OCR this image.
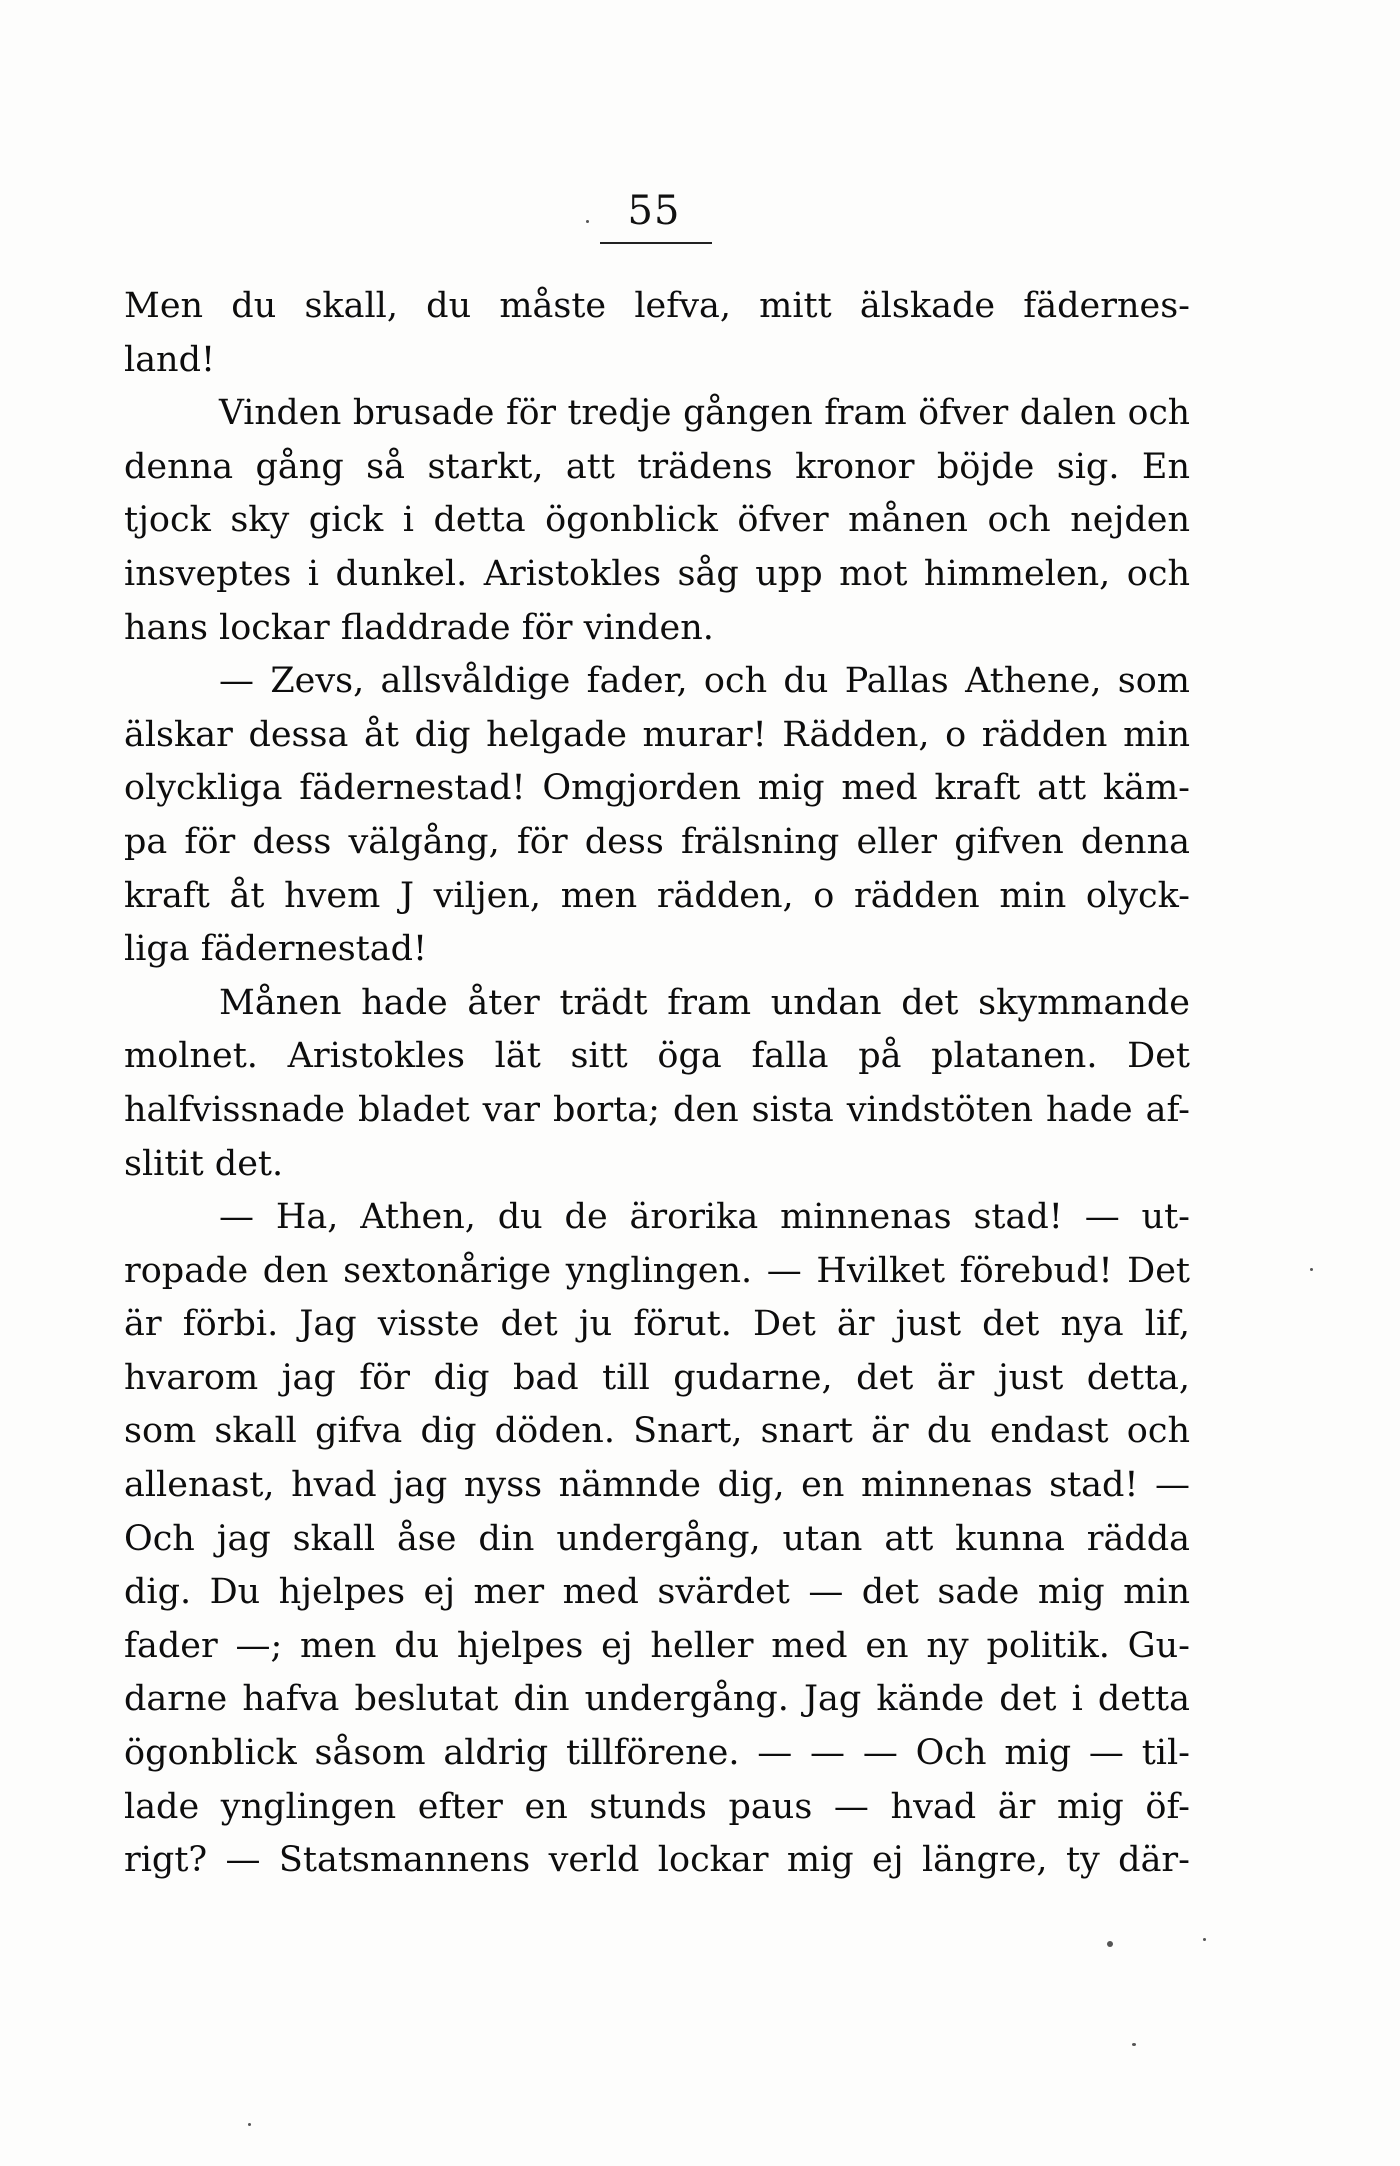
55
Men du skall, du måste lefva, mitt älskade fädernes-
land!
Vinden brusade för tredje gången fram öfver dalen och
denna gång så starkt, att trädens kronor böjde sig. En
tjock sky gick i detta ögonblick öfver månen och nejden
insveptes i dunkel. Aristokles såg upp mot himmelen, och
hans lockar fladdrade för vinden.
— Zevs, allsvåldige fader, och du Pallas Athene, som
älskar dessa åt dig helgade murar! Rädden, o rädden min
olyckliga fädernestad! Omgjorden mig med kraft att käm-
pa för dess välgång, för dess frälsning eller gifven denna
kraft åt hvem J viljen, men rädden, o rädden min olyck-
liga fädernestad!
Månen hade åter trädt fram undan det skymmande
molnet. Aristokles lät sitt öga falla på platanen. Det
halfvissnade bladet var borta; den sista vindstöten hade af-
slitit det.
— Ha, Athen, du de ärorika minnenas stad! — ut-
ropade den sextonårige ynglingen. — Hvilket förebud! Det
är förbi. Jag visste det ju förut. Det är just det nya lif,
hvarom jag för dig bad till gudarne, det är just detta,
som skall gifva dig döden. Snart, snart är du endast och
allenast, hvad jag nyss nämnde dig, en minnenas stad! —
Och jag skall åse din undergång, utan att kunna rädda
dig. Du hjelpes ej mer med svärdet — det sade mig min
fader —; men du hjelpes ej heller med en ny politik. Gu-
darne hafva beslutat din undergång. Jag kände det i detta
ögonblick såsom aldrig tillförene. — — — Och mig — til-
lade ynglingen efter en stunds paus — hvad är mig öf-
rigt? — Statsmannens verld lockar mig ej längre, ty där-
